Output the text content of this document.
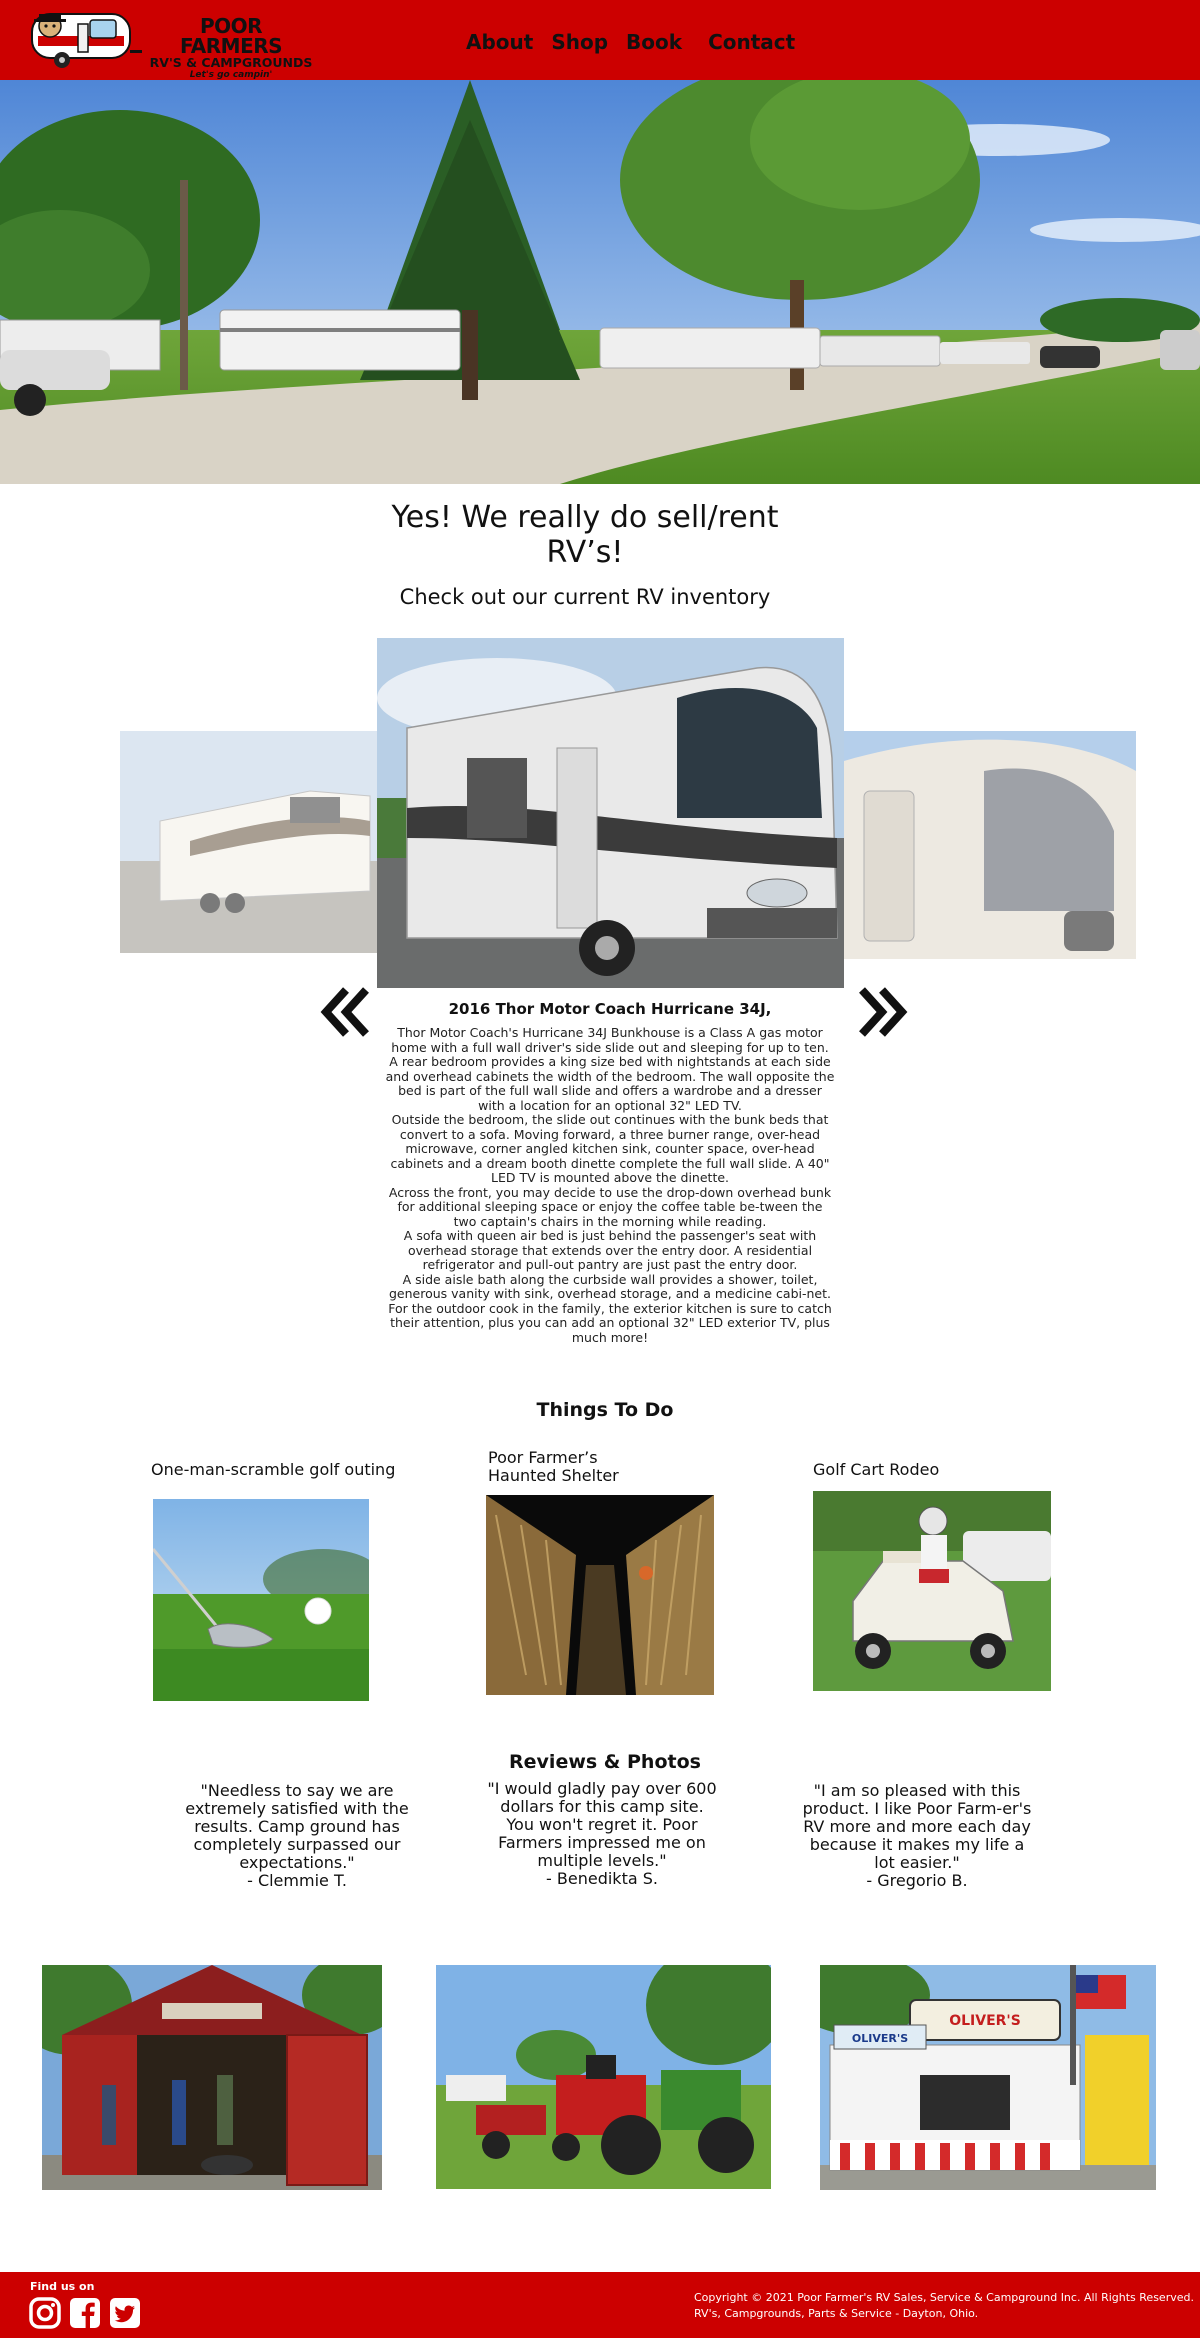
POOR FARMERS
RV'S & CAMPGROUNDS
Let's go campin'
About Shop Book Contact
Yes! We really do sell/rent RV’s!
Check out our current RV inventory
2016 Thor Motor Coach Hurricane 34J,

Thor Motor Coach's Hurricane 34J Bunkhouse is a Class A gas motor home with a full wall driver's side slide out and sleeping for up to ten.

A rear bedroom provides a king size bed with nightstands at each side and overhead cabinets the width of the bedroom. The wall opposite the bed is part of the full wall slide and offers a wardrobe and a dresser with a location for an optional 32" LED TV.

Outside the bedroom, the slide out continues with the bunk beds that convert to a sofa. Moving forward, a three burner range, over-head microwave, corner angled kitchen sink, counter space, over-head cabinets and a dream booth dinette complete the full wall slide. A 40" LED TV is mounted above the dinette.

Across the front, you may decide to use the drop-down overhead bunk for additional sleeping space or enjoy the coffee table be-tween the two captain's chairs in the morning while reading.

A sofa with queen air bed is just behind the passenger's seat with overhead storage that extends over the entry door. A residential refrigerator and pull-out pantry are just past the entry door.

A side aisle bath along the curbside wall provides a shower, toilet, generous vanity with sink, overhead storage, and a medicine cabi-net.

For the outdoor cook in the family, the exterior kitchen is sure to catch their attention, plus you can add an optional 32" LED exterior TV, plus much more!

Things To Do
One-man-scramble golf outing
Poor Farmer’s Haunted Shelter	Golf Cart Rodeo
Reviews & Photos
"Needless to say we are extremely satisfied with the results. Camp ground has completely surpassed our expectations."
- Clemmie T.
"I would gladly pay over 600 dollars for this camp site. You won't regret it. Poor Farmers impressed me on multiple levels."
- Benedikta S.
"I am so pleased with this product. I like Poor Farm-er's RV more and more each day because it makes my life a lot easier."
- Gregorio B.
OLIVER'S
OLIVER'S
Find us on
Copyright © 2021 Poor Farmer's RV Sales, Service & Campground Inc. All Rights Reserved.
RV's, Campgrounds, Parts & Service - Dayton, Ohio.
